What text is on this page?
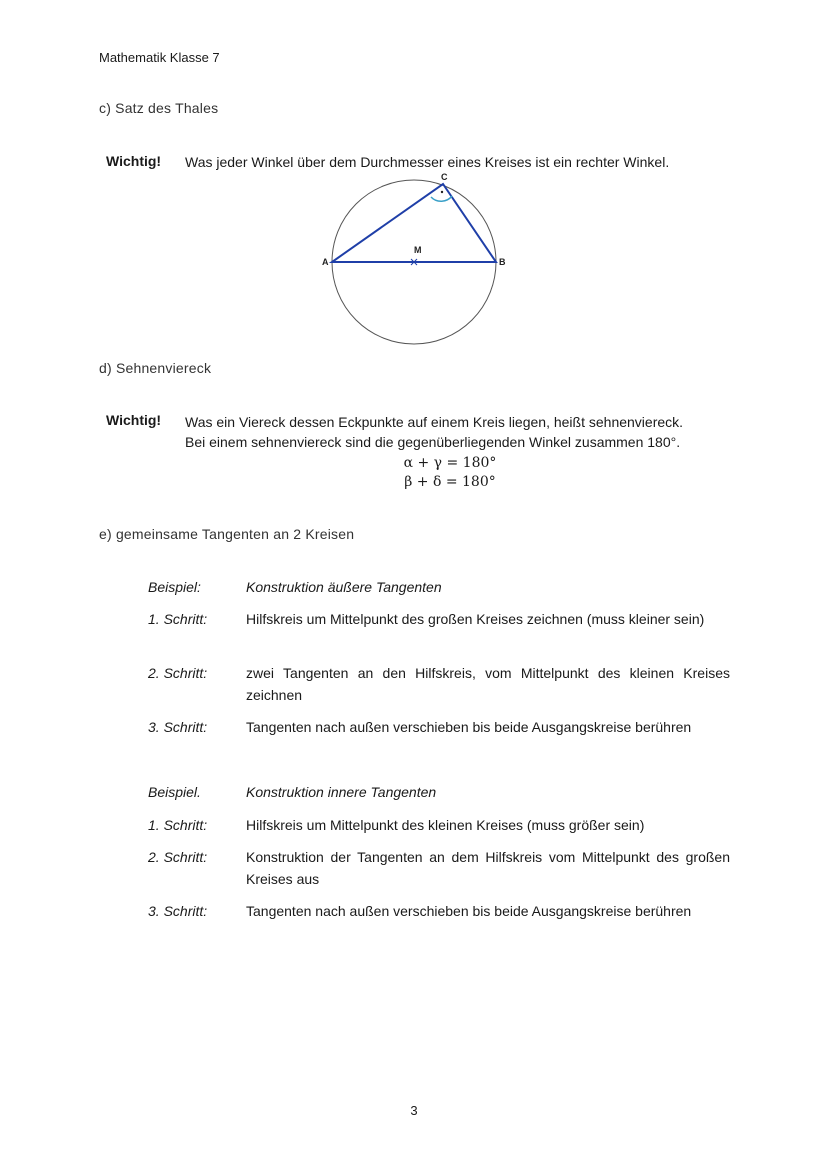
Mathematik Klasse 7
c) Satz des Thales
Wichtig! Was jeder Winkel über dem Durchmesser eines Kreises ist ein rechter Winkel.
C
M
A	B
d) Sehnenviereck
Wichtig! Was ein Viereck dessen Eckpunkte auf einem Kreis liegen, heißt sehnenviereck.
Bei einem sehnenviereck sind die gegenüberliegenden Winkel zusammen 180°.
α + γ = 180°
β + δ = 180°
e) gemeinsame Tangenten an 2 Kreisen
Beispiel:	Konstruktion äußere Tangenten
1. Schritt:	Hilfskreis um Mittelpunkt des großen Kreises zeichnen (muss kleiner sein)
2. Schritt:	zwei Tangenten an den Hilfskreis, vom Mittelpunkt des kleinen Kreises zeichnen
3. Schritt:	Tangenten nach außen verschieben bis beide Ausgangskreise berühren
Beispiel.	Konstruktion innere Tangenten
1. Schritt:	Hilfskreis um Mittelpunkt des kleinen Kreises (muss größer sein)
2. Schritt:	Konstruktion der Tangenten an dem Hilfskreis vom Mittelpunkt des großen Kreises aus
3. Schritt:	Tangenten nach außen verschieben bis beide Ausgangskreise berühren
3
